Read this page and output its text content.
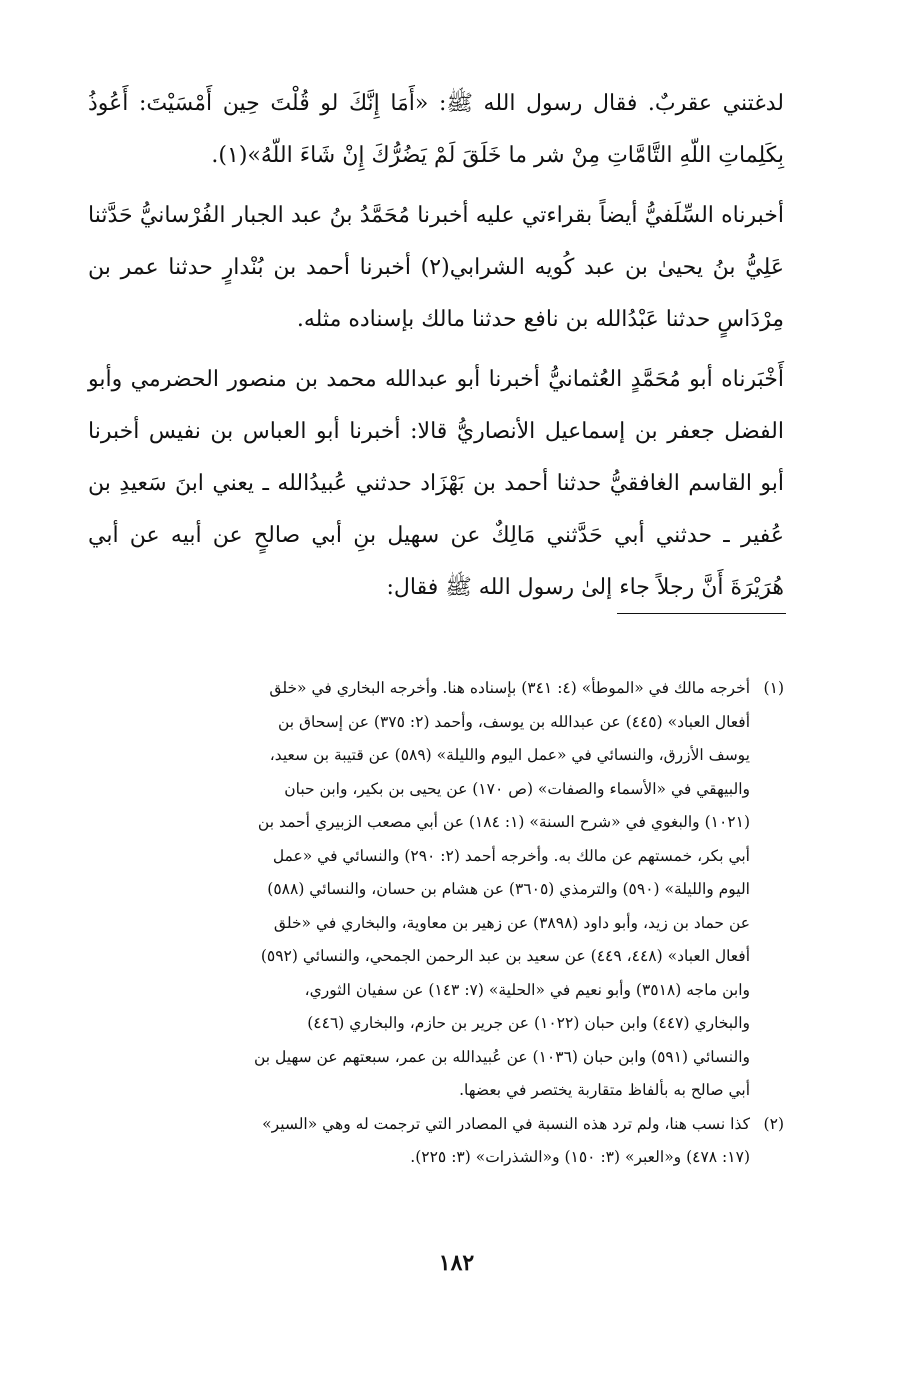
لدغتني عقربٌ. فقال رسول الله ﷺ: «أَمَا إِنَّكَ لو قُلْتَ حِين أَمْسَيْتَ: أَعُوذُ بِكَلِماتِ اللّهِ التَّامَّاتِ مِنْ شر ما خَلَقَ لَمْ يَضُرُّكَ إِنْ شَاءَ اللّهُ»(١).

أخبرناه السِّلَفيُّ أيضاً بقراءتي عليه أخبرنا مُحَمَّدُ بنُ عبد الجبار الفُرْسانيُّ حَدَّثنا عَلِيُّ بنُ يحيىٰ بن عبد كُويه الشرابي(٢) أخبرنا أحمد بن بُنْدارٍ حدثنا عمر بن مِرْدَاسٍ حدثنا عَبْدُالله بن نافع حدثنا مالك بإسناده مثله.

أَخْبَرناه أبو مُحَمَّدٍ العُثمانيُّ أخبرنا أبو عبدالله محمد بن منصور الحضرمي وأبو الفضل جعفر بن إسماعيل الأنصاريُّ قالا: أخبرنا أبو العباس بن نفيس أخبرنا أبو القاسم الغافقيُّ حدثنا أحمد بن بَهْزَاد حدثني عُبيدُالله ـ يعني ابنَ سَعيدِ بن عُفير ـ حدثني أبي حَدَّثني مَالِكٌ عن سهيل بنِ أبي صالحٍ عن أبيه عن أبي هُرَيْرَةَ أَنَّ رجلاً جاء إلىٰ رسول الله ﷺ فقال:

(١)
أخرجه مالك في «الموطأ» (٤: ٣٤١) بإسناده هنا. وأخرجه البخاري في «خلق
أفعال العباد» (٤٤٥) عن عبدالله بن يوسف، وأحمد (٢: ٣٧٥) عن إسحاق بن
يوسف الأزرق، والنسائي في «عمل اليوم والليلة» (٥٨٩) عن قتيبة بن سعيد،
والبيهقي في «الأسماء والصفات» (ص ١٧٠) عن يحيى بن بكير، وابن حبان
(١٠٢١) والبغوي في «شرح السنة» (١: ١٨٤) عن أبي مصعب الزبيري أحمد بن
أبي بكر، خمستهم عن مالك به. وأخرجه أحمد (٢: ٢٩٠) والنسائي في «عمل
اليوم والليلة» (٥٩٠) والترمذي (٣٦٠٥) عن هشام بن حسان، والنسائي (٥٨٨)
عن حماد بن زيد، وأبو داود (٣٨٩٨) عن زهير بن معاوية، والبخاري في «خلق
أفعال العباد» (٤٤٨، ٤٤٩) عن سعيد بن عبد الرحمن الجمحي، والنسائي (٥٩٢)
وابن ماجه (٣٥١٨) وأبو نعيم في «الحلية» (٧: ١٤٣) عن سفيان الثوري،
والبخاري (٤٤٧) وابن حبان (١٠٢٢) عن جرير بن حازم، والبخاري (٤٤٦)
والنسائي (٥٩١) وابن حبان (١٠٣٦) عن عُبيدالله بن عمر، سبعتهم عن سهيل بن
أبي صالح به بألفاظ متقاربة يختصر في بعضها.
(٢)
كذا نسب هنا، ولم ترد هذه النسبة في المصادر التي ترجمت له وهي «السير»
(١٧: ٤٧٨) و«العبر» (٣: ١٥٠) و«الشذرات» (٣: ٢٢٥).
١٨٢
